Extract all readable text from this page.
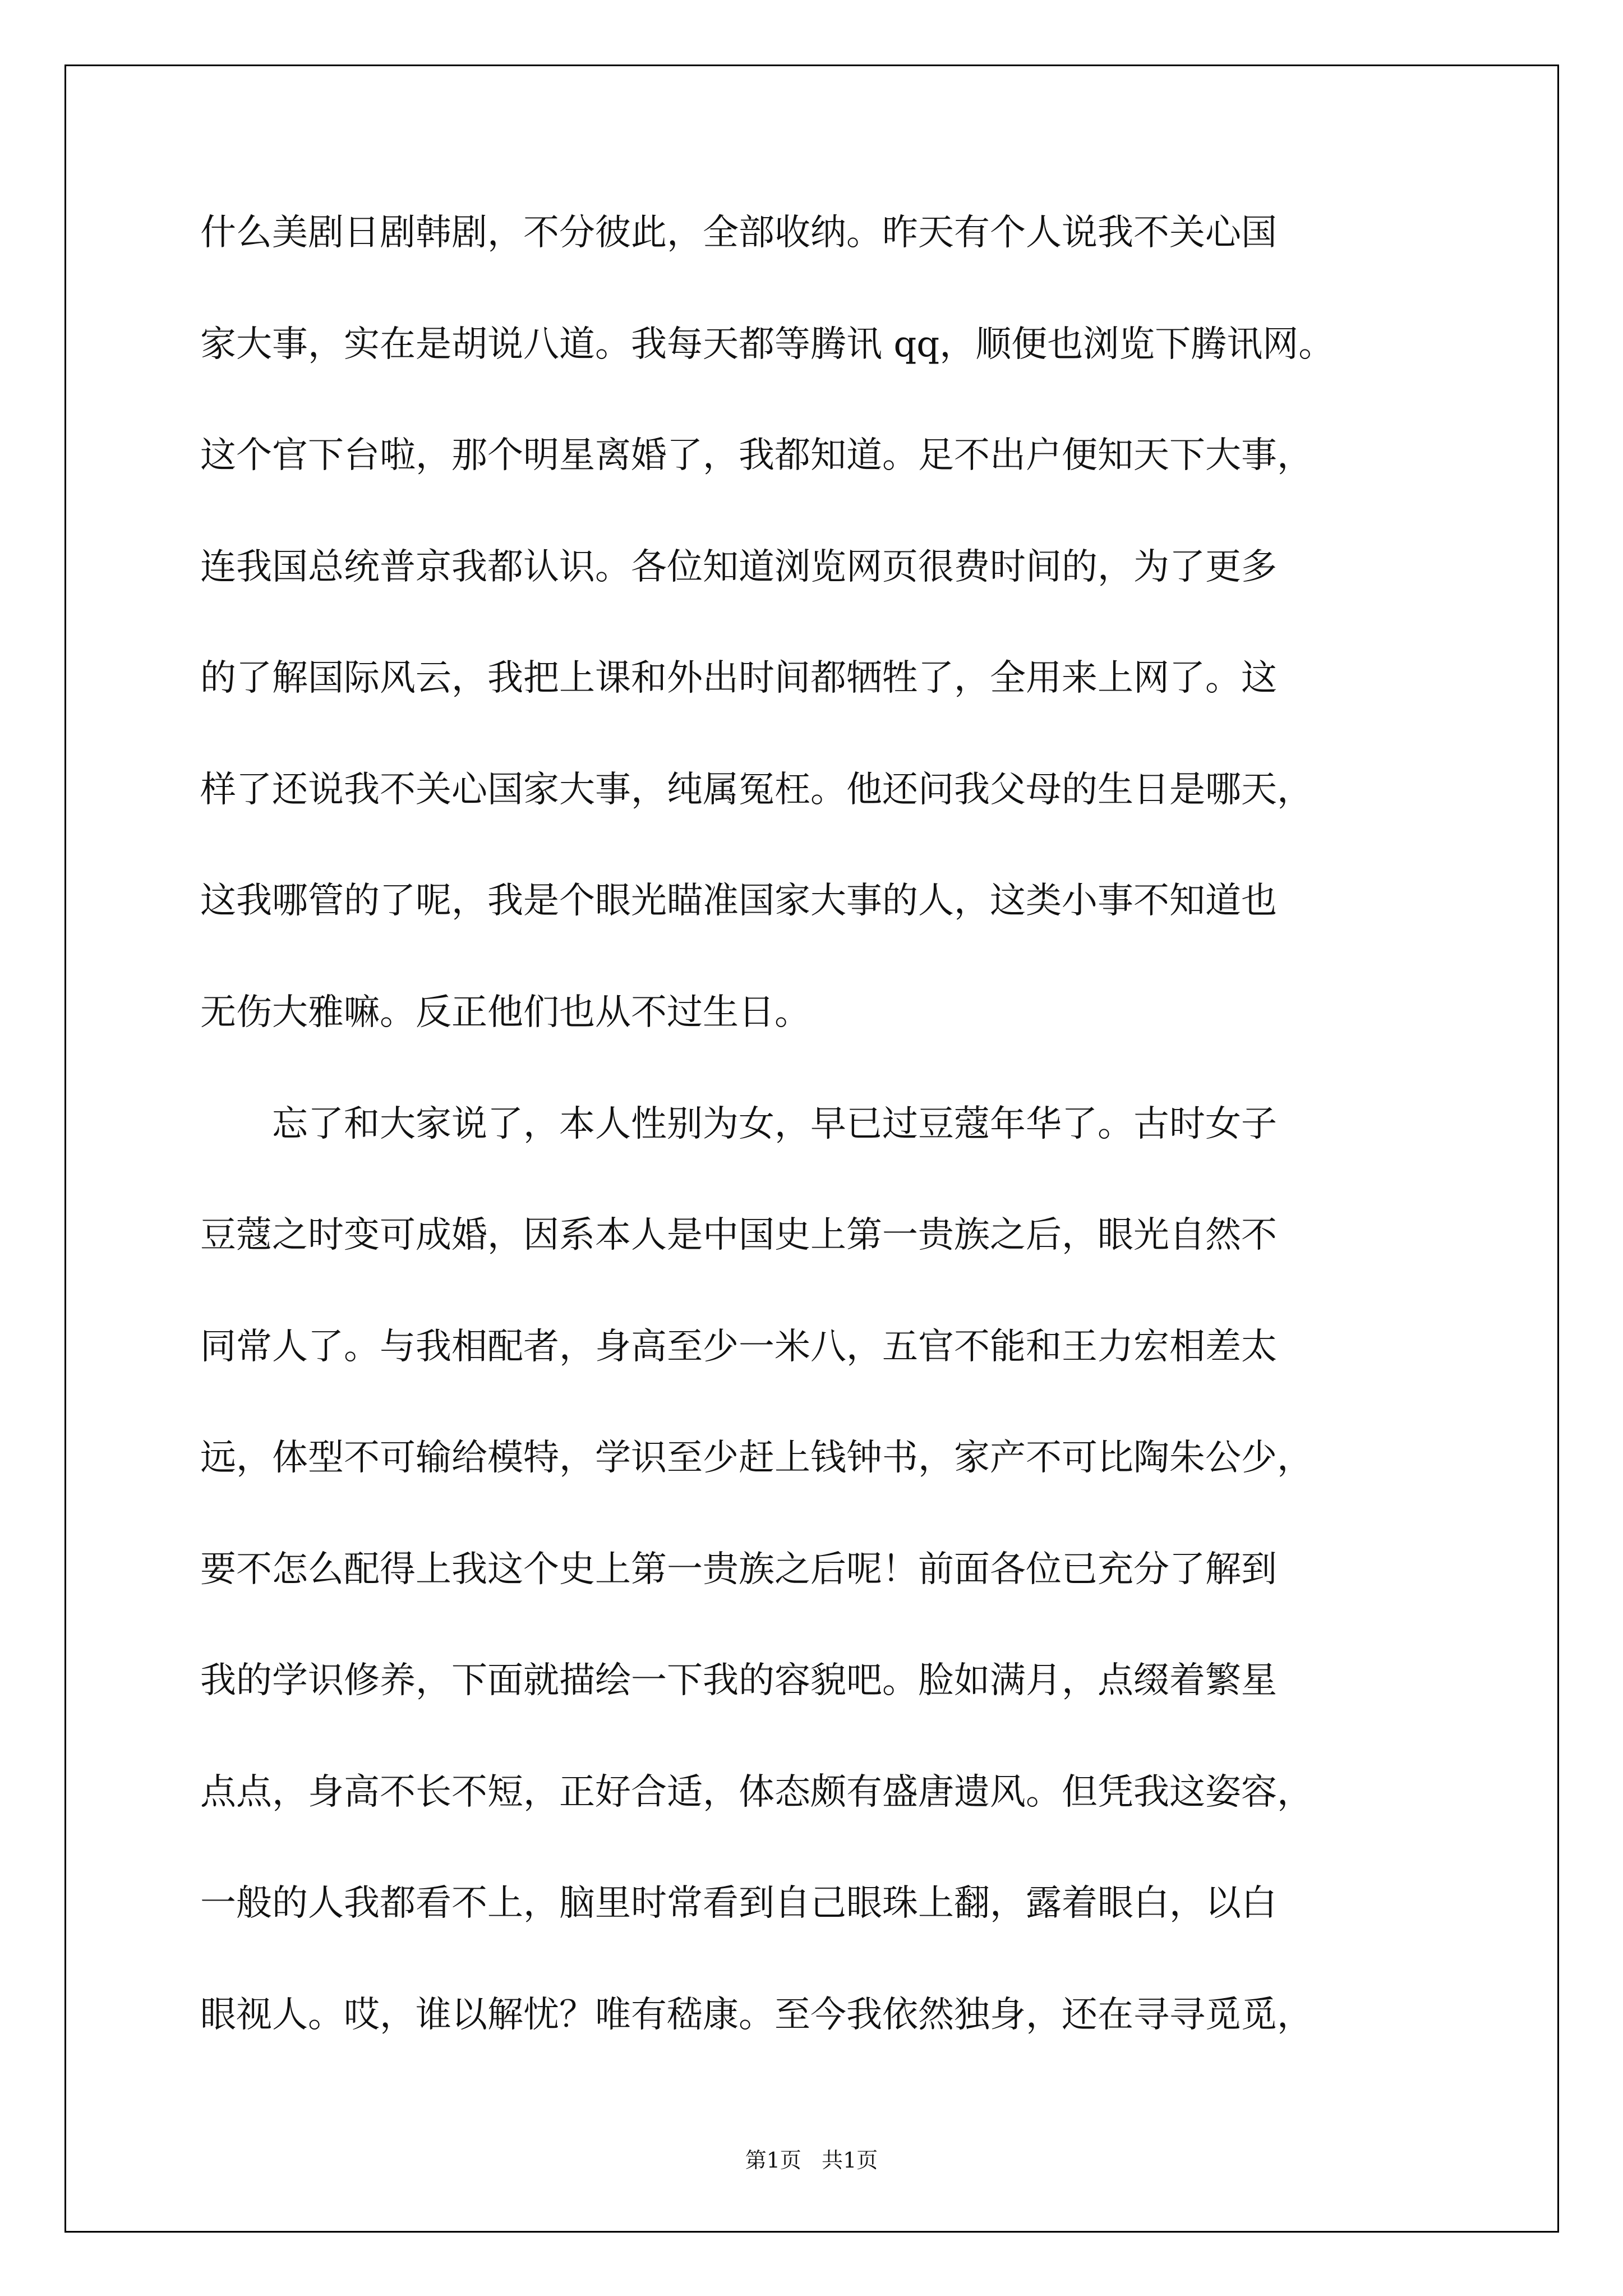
什么美剧日剧韩剧，不分彼此，全部收纳。昨天有个人说我不关心国
家大事，实在是胡说八道。我每天都等腾讯 qq，顺便也浏览下腾讯网。
这个官下台啦，那个明星离婚了，我都知道。足不出户便知天下大事，
连我国总统普京我都认识。各位知道浏览网页很费时间的，为了更多
的了解国际风云，我把上课和外出时间都牺牲了，全用来上网了。这
样了还说我不关心国家大事，纯属冤枉。他还问我父母的生日是哪天，
这我哪管的了呢，我是个眼光瞄准国家大事的人，这类小事不知道也
无伤大雅嘛。反正他们也从不过生日。
　　忘了和大家说了，本人性别为女，早已过豆蔻年华了。古时女子
豆蔻之时变可成婚，因系本人是中国史上第一贵族之后，眼光自然不
同常人了。与我相配者，身高至少一米八，五官不能和王力宏相差太
远，体型不可输给模特，学识至少赶上钱钟书，家产不可比陶朱公少，
要不怎么配得上我这个史上第一贵族之后呢！前面各位已充分了解到
我的学识修养，下面就描绘一下我的容貌吧。脸如满月，点缀着繁星
点点，身高不长不短，正好合适，体态颇有盛唐遗风。但凭我这姿容，
一般的人我都看不上，脑里时常看到自己眼珠上翻，露着眼白，以白
第1页   共1页
眼视人。哎，谁以解忧？唯有嵇康。至今我依然独身，还在寻寻觅觅，
